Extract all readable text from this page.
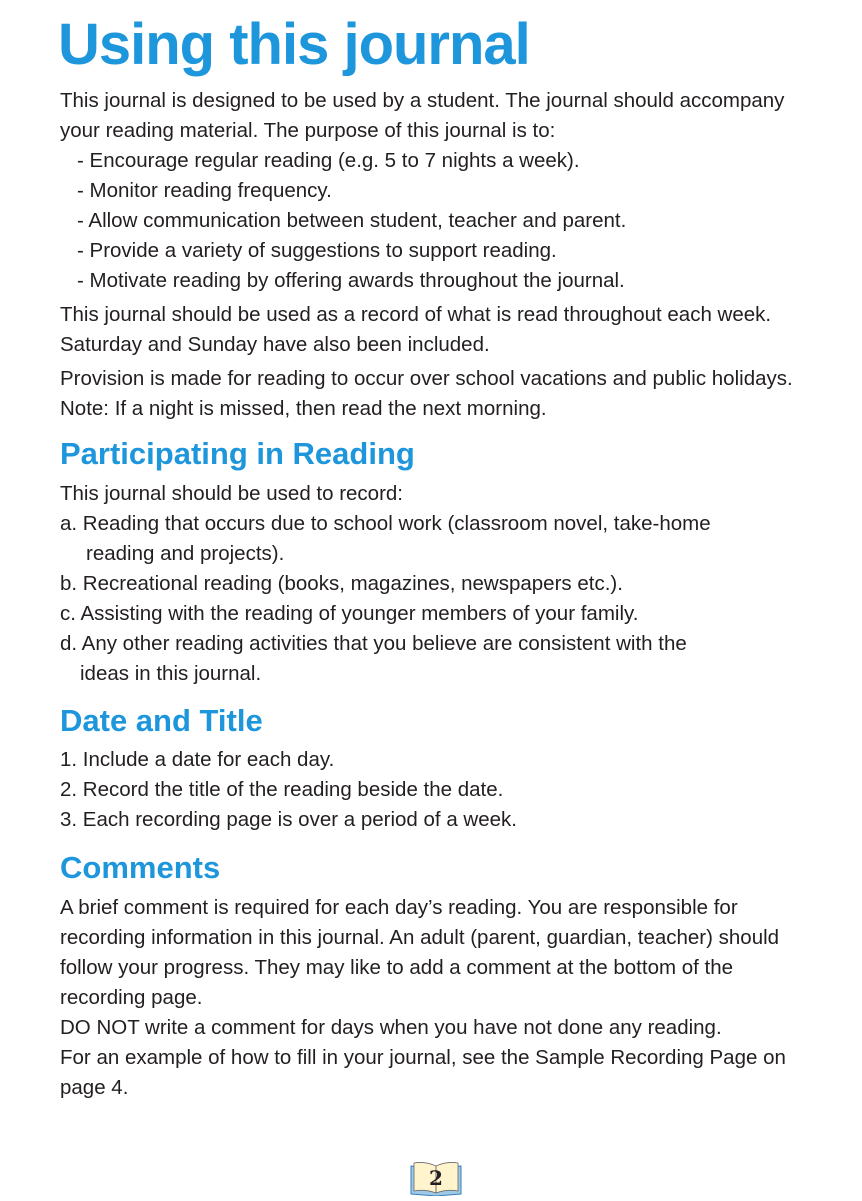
Using this journal

This journal is designed to be used by a student. The journal should accompany

your reading material. The purpose of this journal is to:

- Encourage regular reading (e.g. 5 to 7 nights a week).

- Monitor reading frequency.

- Allow communication between student, teacher and parent.

- Provide a variety of suggestions to support reading.

- Motivate reading by offering awards throughout the journal.

This journal should be used as a record of what is read throughout each week.

Saturday and Sunday have also been included.

Provision is made for reading to occur over school vacations and public holidays.

Note: If a night is missed, then read the next morning.

Participating in Reading

This journal should be used to record:

a. Reading that occurs due to school work (classroom novel, take-home

reading and projects).

b. Recreational reading (books, magazines, newspapers etc.).

c. Assisting with the reading of younger members of your family.

d. Any other reading activities that you believe are consistent with the

ideas in this journal.

Date and Title

1. Include a date for each day.

2. Record the title of the reading beside the date.

3. Each recording page is over a period of a week.

Comments

A brief comment is required for each day’s reading. You are responsible for

recording information in this journal. An adult (parent, guardian, teacher) should

follow your progress. They may like to add a comment at the bottom of the

recording page.

DO NOT write a comment for days when you have not done any reading.

For an example of how to fill in your journal, see the Sample Recording Page on

page 4.

2
